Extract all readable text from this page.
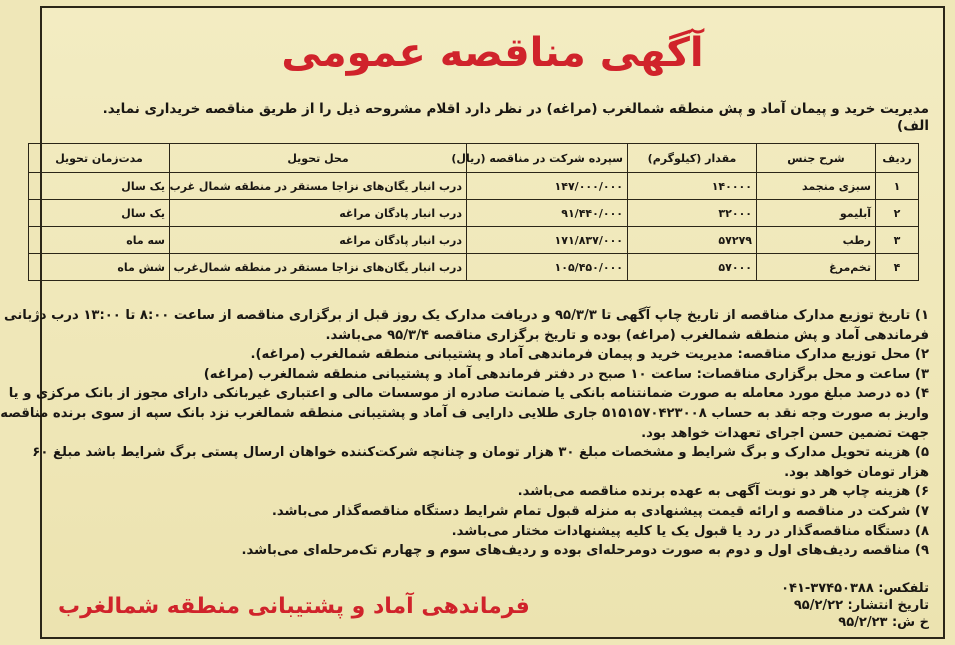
آگهی مناقصه عمومی
مدیریت خرید و پیمان آماد و پش منطقه شمالغرب (مراغه) در نظر دارد اقلام مشروحه ذیل را از طریق مناقصه خریداری نماید.
الف)
ردیف	شرح جنس	مقدار (کیلوگرم)	سپرده شرکت در مناقصه (ریال)	محل تحویل	مدت‌زمان تحویل
۱	سبزی منجمد	۱۴۰۰۰۰	۱۴۷/۰۰۰/۰۰۰	درب انبار یگان‌های نزاجا مستقر در منطقه شمال غرب	یک سال
۲	آبلیمو	۳۲۰۰۰	۹۱/۴۴۰/۰۰۰	درب انبار پادگان مراغه	یک سال
۳	رطب	۵۷۲۷۹	۱۷۱/۸۳۷/۰۰۰	درب انبار پادگان مراغه	سه ماه
۴	تخم‌مرغ	۵۷۰۰۰	۱۰۵/۴۵۰/۰۰۰	درب انبار یگان‌های نزاجا مستقر در منطقه شمال‌غرب	شش ماه
۱) تاریخ توزیع مدارک مناقصه از تاریخ چاپ آگهی تا ۹۵/۳/۳ و دریافت مدارک یک روز قبل از برگزاری مناقصه از ساعت ۸:۰۰ تا ۱۳:۰۰ درب دژبانی
فرماندهی آماد و پش منطقه شمالغرب (مراغه) بوده و تاریخ برگزاری مناقصه ۹۵/۳/۴ می‌باشد.
۲) محل توزیع مدارک مناقصه: مدیریت خرید و پیمان فرماندهی آماد و پشتیبانی منطقه شمالغرب (مراغه).
۳) ساعت و محل برگزاری مناقصات: ساعت ۱۰ صبح در دفتر فرماندهی آماد و پشتیبانی منطقه شمالغرب (مراغه)
۴) ده درصد مبلغ مورد معامله به صورت ضمانتنامه بانکی یا ضمانت صادره از موسسات مالی و اعتباری غیربانکی دارای مجوز از بانک مرکزی و یا
واریز به صورت وجه نقد به حساب ۵۱۵۱۵۷۰۴۲۳۰۰۸ جاری طلایی دارایی ف آماد و پشتیبانی منطقه شمالغرب نزد بانک سپه از سوی برنده مناقصه
جهت تضمین حسن اجرای تعهدات خواهد بود.
۵) هزینه تحویل مدارک و برگ شرایط و مشخصات مبلغ ۳۰ هزار تومان و چنانچه شرکت‌کننده خواهان ارسال پستی برگ شرایط باشد مبلغ ۶۰
هزار تومان خواهد بود.
۶) هزینه چاپ هر دو نوبت آگهی به عهده برنده مناقصه می‌باشد.
۷) شرکت در مناقصه و ارائه قیمت پیشنهادی به منزله قبول تمام شرایط دستگاه مناقصه‌گذار می‌باشد.
۸) دستگاه مناقصه‌گذار در رد یا قبول یک یا کلیه پیشنهادات مختار می‌باشد.
۹) مناقصه ردیف‌های اول و دوم به صورت دومرحله‌ای بوده و ردیف‌های سوم و چهارم تک‌مرحله‌ای می‌باشد.
تلفکس: ۳۷۴۵۰۳۸۸-۰۴۱
تاریخ انتشار: ۹۵/۲/۲۲
خ ش: ۹۵/۲/۲۳
فرماندهی آماد و پشتیبانی منطقه شمالغرب
